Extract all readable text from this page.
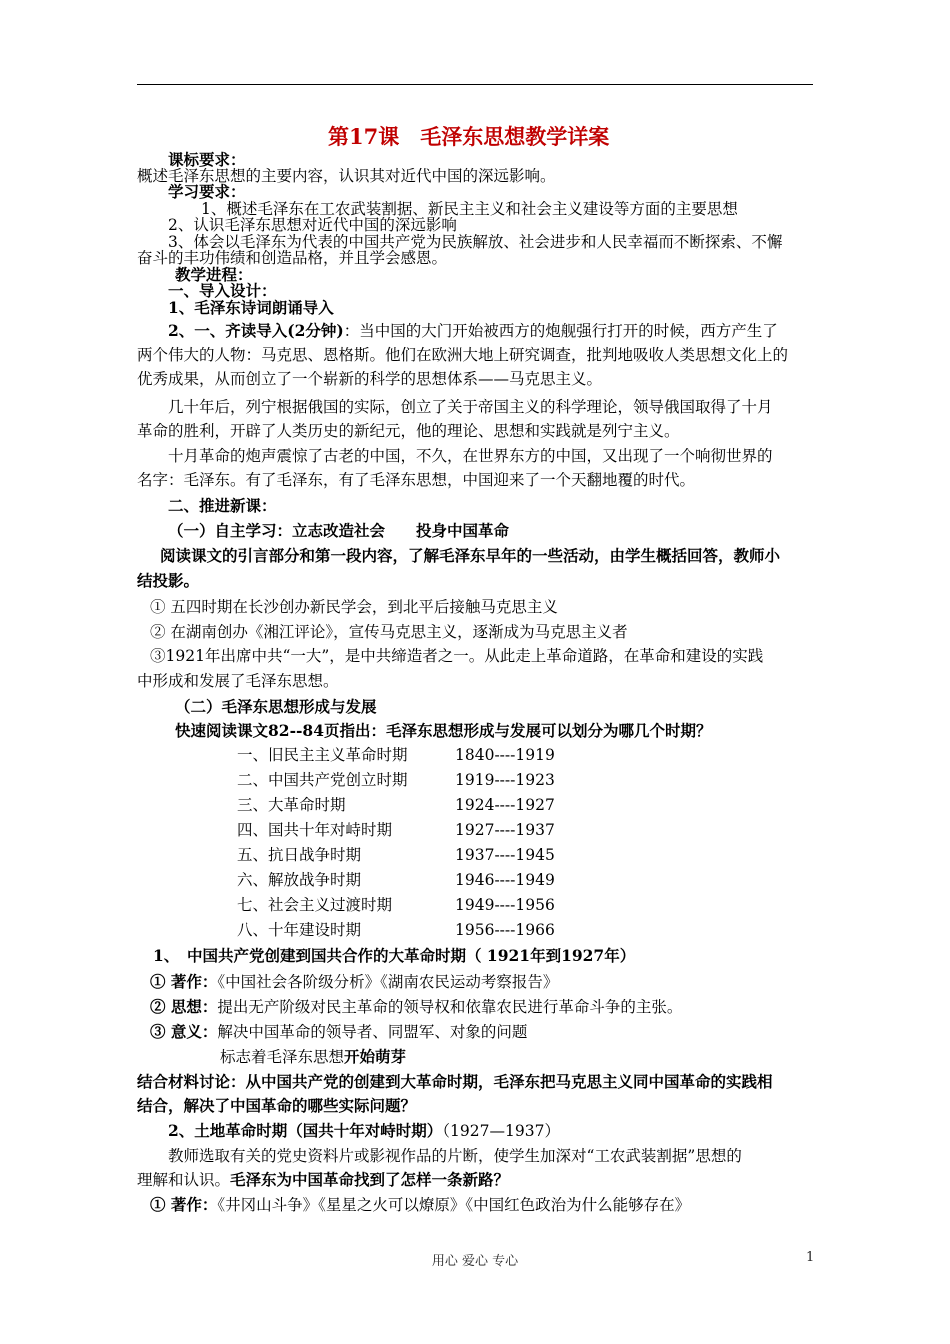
第17课　毛泽东思想教学详案
课标要求：
概述毛泽东思想的主要内容，认识其对近代中国的深远影响。
学习要求：
1、概述毛泽东在工农武装割据、新民主主义和社会主义建设等方面的主要思想
2、认识毛泽东思想对近代中国的深远影响
3、体会以毛泽东为代表的中国共产党为民族解放、社会进步和人民幸福而不断探索、不懈
奋斗的丰功伟绩和创造品格，并且学会感恩。
教学进程：
一、导入设计：
1、毛泽东诗词朗诵导入
2、一、齐读导入(2分钟)：当中国的大门开始被西方的炮舰强行打开的时候，西方产生了
两个伟大的人物：马克思、恩格斯。他们在欧洲大地上研究调查，批判地吸收人类思想文化上的
优秀成果，从而创立了一个崭新的科学的思想体系——马克思主义。
几十年后，列宁根据俄国的实际，创立了关于帝国主义的科学理论，领导俄国取得了十月
革命的胜利，开辟了人类历史的新纪元，他的理论、思想和实践就是列宁主义。
十月革命的炮声震惊了古老的中国，不久，在世界东方的中国，又出现了一个响彻世界的
名字：毛泽东。有了毛泽东，有了毛泽东思想，中国迎来了一个天翻地覆的时代。
二、推进新课：
（一）自主学习：立志改造社会　　投身中国革命
阅读课文的引言部分和第一段内容，了解毛泽东早年的一些活动，由学生概括回答，教师小
结投影。
① 五四时期在长沙创办新民学会，到北平后接触马克思主义
② 在湖南创办《湘江评论》，宣传马克思主义，逐渐成为马克思主义者
③1921年出席中共“一大”，是中共缔造者之一。从此走上革命道路，在革命和建设的实践
中形成和发展了毛泽东思想。
（二）毛泽东思想形成与发展
快速阅读课文82--84页指出：毛泽东思想形成与发展可以划分为哪几个时期？
1、　中国共产党创建到国共合作的大革命时期（ 1921年到1927年）
① 著作：《中国社会各阶级分析》《湖南农民运动考察报告》
② 思想：提出无产阶级对民主革命的领导权和依靠农民进行革命斗争的主张。
③ 意义：解决中国革命的领导者、同盟军、对象的问题
标志着毛泽东思想开始萌芽
结合材料讨论：从中国共产党的创建到大革命时期，毛泽东把马克思主义同中国革命的实践相
结合，解决了中国革命的哪些实际问题？
2、土地革命时期（国共十年对峙时期）（1927—1937）
教师选取有关的党史资料片或影视作品的片断，使学生加深对“工农武装割据”思想的
理解和认识。毛泽东为中国革命找到了怎样一条新路？
① 著作：《井冈山斗争》《星星之火可以燎原》《中国红色政治为什么能够存在》
一、旧民主主义革命时期	1840----1919
二、中国共产党创立时期	1919----1923
三、大革命时期	1924----1927
四、国共十年对峙时期	1927----1937
五、抗日战争时期	1937----1945
六、解放战争时期	1946----1949
七、社会主义过渡时期	1949----1956
八、十年建设时期	1956----1966
用心 爱心 专心	1
